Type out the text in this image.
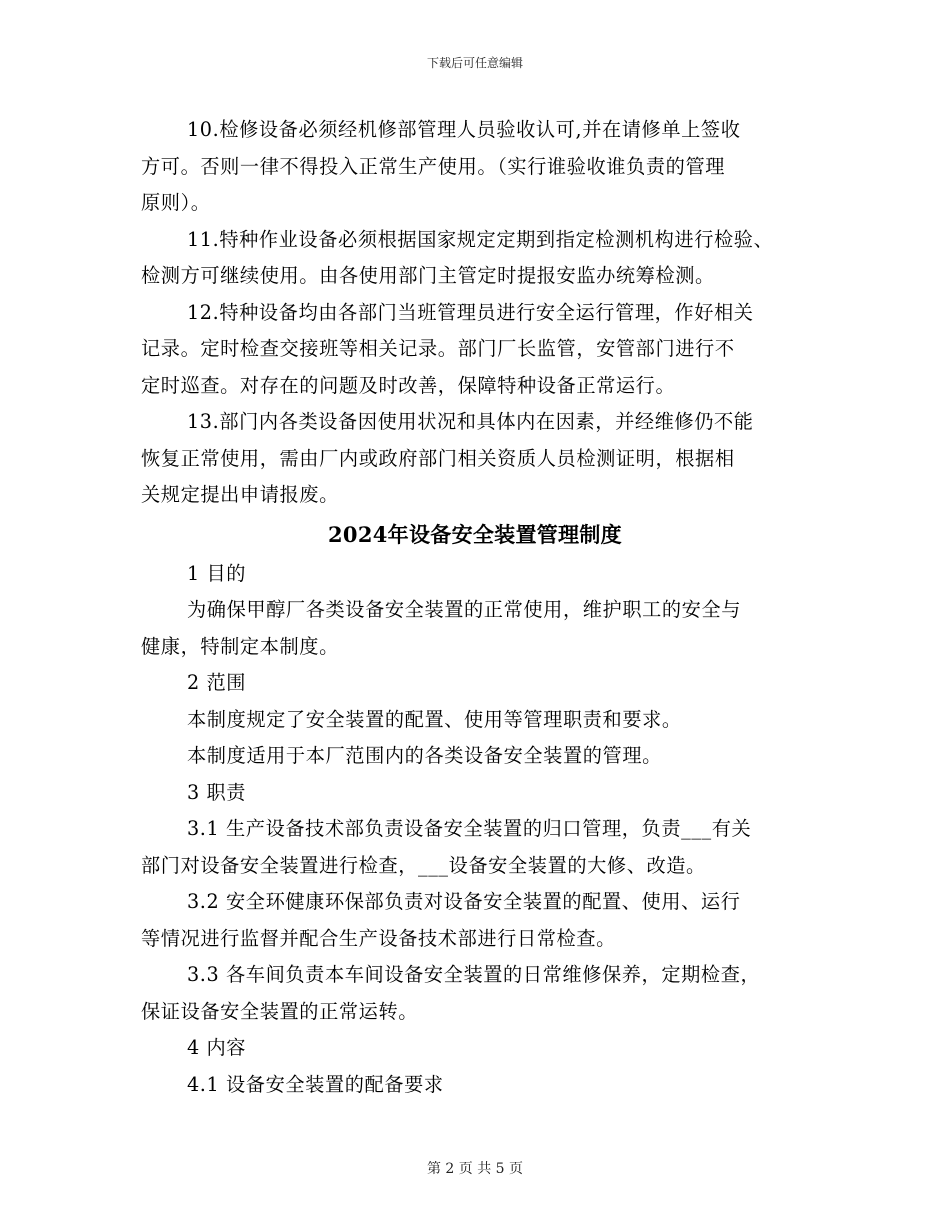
下载后可任意编辑
10.检修设备必须经机修部管理人员验收认可,并在请修单上签收
方可。否则一律不得投入正常生产使用。（实行谁验收谁负责的管理
原则）。
11.特种作业设备必须根据国家规定定期到指定检测机构进行检验、
检测方可继续使用。由各使用部门主管定时提报安监办统筹检测。
12.特种设备均由各部门当班管理员进行安全运行管理，作好相关
记录。定时检查交接班等相关记录。部门厂长监管，安管部门进行不
定时巡查。对存在的问题及时改善，保障特种设备正常运行。
13.部门内各类设备因使用状况和具体内在因素，并经维修仍不能
恢复正常使用，需由厂内或政府部门相关资质人员检测证明，根据相
关规定提出申请报废。
2024年设备安全装置管理制度
1 目的
为确保甲醇厂各类设备安全装置的正常使用，维护职工的安全与
健康，特制定本制度。
2 范围
本制度规定了安全装置的配置、使用等管理职责和要求。
本制度适用于本厂范围内的各类设备安全装置的管理。
3 职责
3.1 生产设备技术部负责设备安全装置的归口管理，负责___有关
部门对设备安全装置进行检查，___设备安全装置的大修、改造。
3.2 安全环健康环保部负责对设备安全装置的配置、使用、运行
等情况进行监督并配合生产设备技术部进行日常检查。
3.3 各车间负责本车间设备安全装置的日常维修保养，定期检查，
保证设备安全装置的正常运转。
4 内容
4.1 设备安全装置的配备要求
第 2 页 共 5 页
